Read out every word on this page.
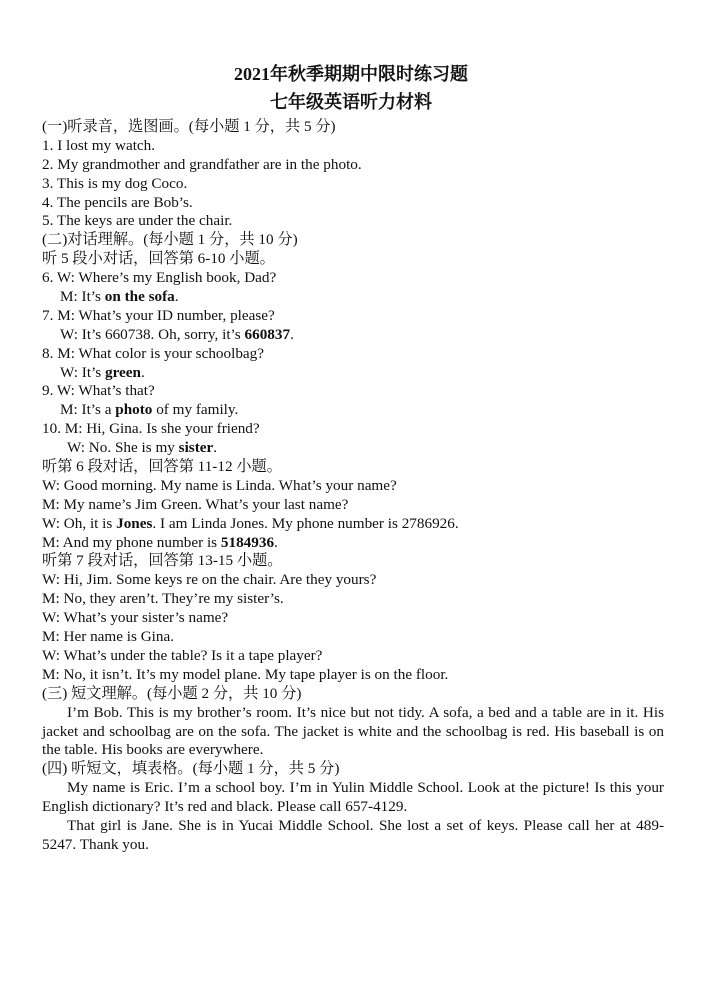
2021年秋季期期中限时练习题
七年级英语听力材料
(一)听录音，选图画。(每小题 1 分，共 5 分)
1. I lost my watch.
2. My grandmother and grandfather are in the photo.
3. This is my dog Coco.
4. The pencils are Bob’s.
5. The keys are under the chair.
(二)对话理解。(每小题 1 分，共 10 分)
听 5 段小对话，回答第 6-10 小题。
6. W: Where’s my English book, Dad?
M: It’s on the sofa.
7. M: What’s your ID number, please?
W: It’s 660738. Oh, sorry, it’s 660837.
8. M: What color is your schoolbag?
W: It’s green.
9. W: What’s that?
M: It’s a photo of my family.
10. M: Hi, Gina. Is she your friend?
W: No. She is my sister.
听第 6 段对话，回答第 11-12 小题。
W: Good morning. My name is Linda. What’s your name?
M: My name’s Jim Green. What’s your last name?
W: Oh, it is Jones. I am Linda Jones. My phone number is 2786926.
M: And my phone number is 5184936.
听第 7 段对话，回答第 13-15 小题。
W: Hi, Jim. Some keys re on the chair. Are they yours?
M: No, they aren’t. They’re my sister’s.
W: What’s your sister’s name?
M: Her name is Gina.
W: What’s under the table? Is it a tape player?
M: No, it isn’t. It’s my model plane. My tape player is on the floor.
(三) 短文理解。(每小题 2 分，共 10 分)
I’m Bob. This is my brother’s room. It’s nice but not tidy. A sofa, a bed and a table are in it. His jacket and schoolbag are on the sofa. The jacket is white and the schoolbag is red. His baseball is on the table. His books are everywhere.
(四) 听短文，填表格。(每小题 1 分，共 5 分)
My name is Eric. I’m a school boy. I’m in Yulin Middle School. Look at the picture! Is this your English dictionary? It’s red and black. Please call 657-4129.
That girl is Jane. She is in Yucai Middle School. She lost a set of keys. Please call her at 489-5247. Thank you.
